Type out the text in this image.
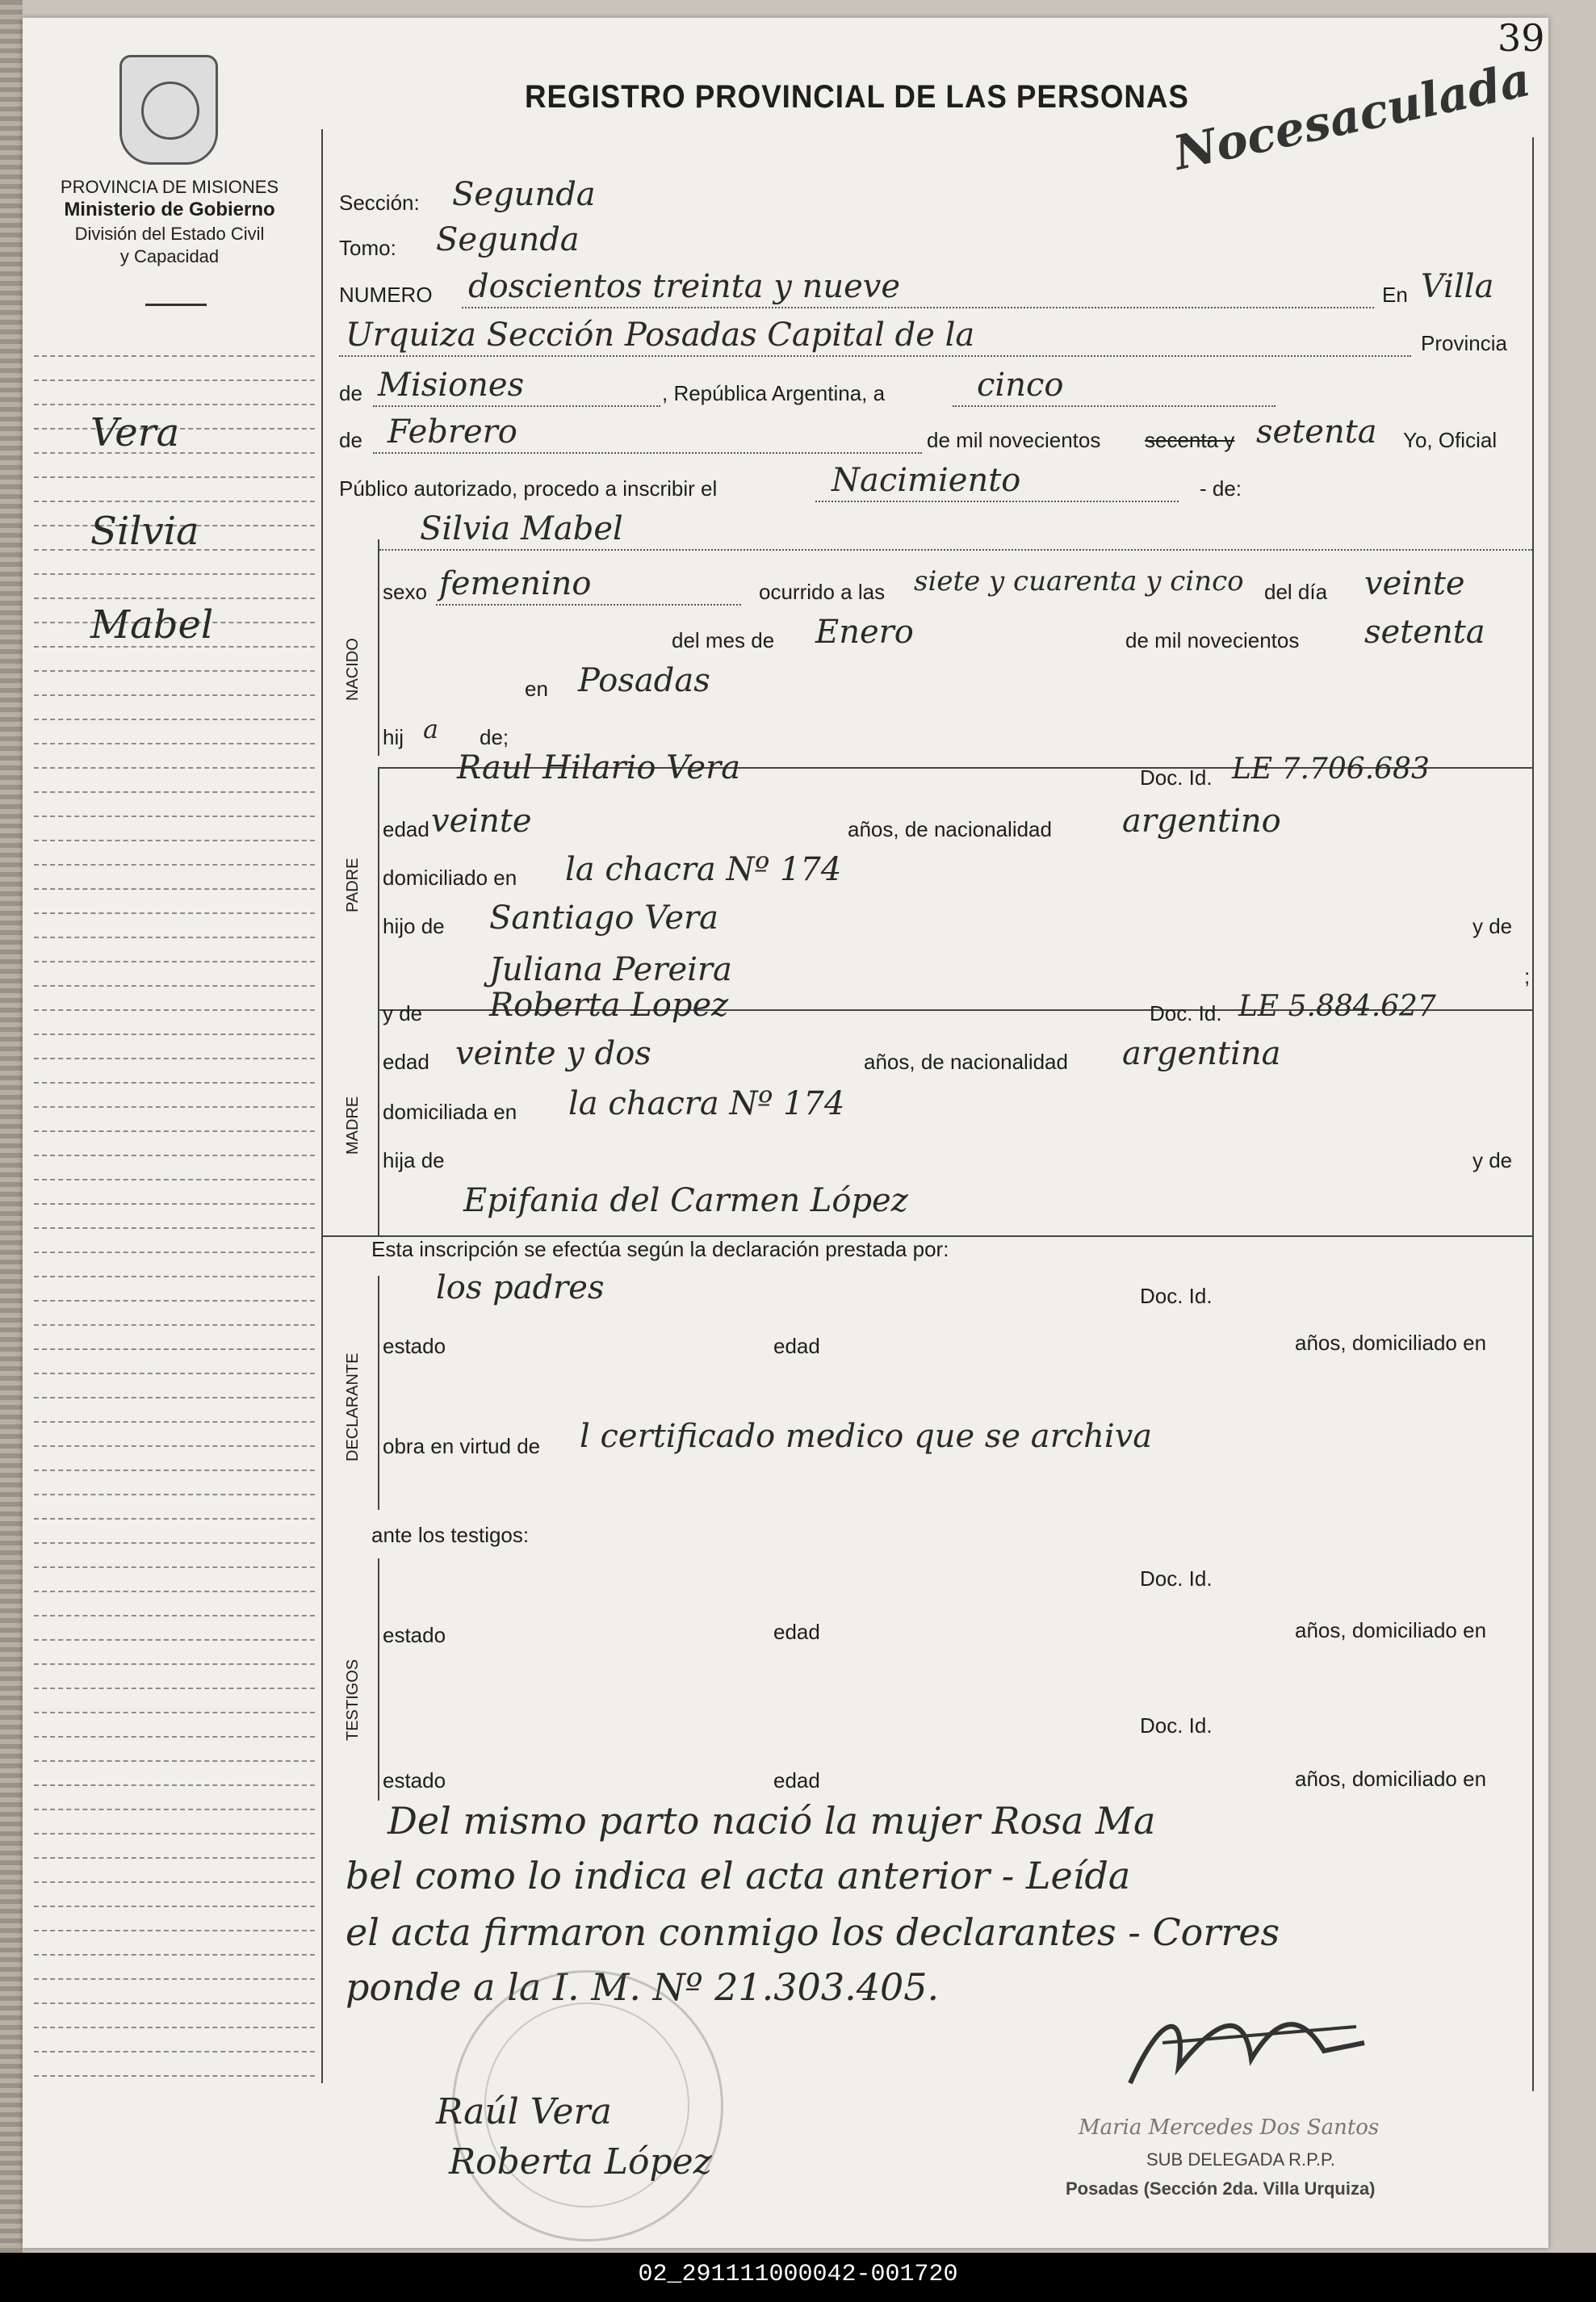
39
REGISTRO PROVINCIAL DE LAS PERSONAS
Nocesaculada
PROVINCIA DE MISIONES
Ministerio de Gobierno
División del Estado Civil
y Capacidad
Vera
Silvia
Mabel
Sección: Segunda
Tomo: Segunda
NUMERO doscientos treinta y nueve	En Villa
Urquiza Sección Posadas Capital de la	Provincia
de Misiones	, República Argentina, a	cinco
de Febrero	de mil novecientos secenta y setenta Yo, Oficial
Público autorizado, procedo a inscribir el	Nacimiento	- de:
Silvia Mabel
NACIDO
sexo femenino	ocurrido a las siete y cuarenta y cinco del día veinte
del mes de Enero	de mil novecientos setenta
en Posadas
hij a de;
Raul Hilario Vera	Doc. Id. LE 7.706.683
PADRE
edad veinte	años, de nacionalidad argentino
domiciliado en la chacra Nº 174
hijo de Santiago Vera	y de
Juliana Pereira	;
y de Roberta Lopez	Doc. Id. LE 5.884.627
MADRE
edad veinte y dos	años, de nacionalidad argentina
domiciliada en la chacra Nº 174
hija de	y de
Epifania del Carmen López
Esta inscripción se efectúa según la declaración prestada por:
los padres	Doc. Id.
DECLARANTE
estado	edad	años, domiciliado en
obra en virtud de l certificado medico que se archiva
ante los testigos:
Doc. Id.
TESTIGOS
estado	edad	años, domiciliado en
Doc. Id.
estado	edad	años, domiciliado en
Del mismo parto nació la mujer Rosa Ma
bel como lo indica el acta anterior - Leída
el acta firmaron conmigo los declarantes - Corres
ponde a la I. M. Nº 21.303.405.
Raúl Vera
Roberta López
Maria Mercedes Dos Santos
SUB DELEGADA R.P.P.
Posadas (Sección 2da. Villa Urquiza)
02_291111000042-001720
